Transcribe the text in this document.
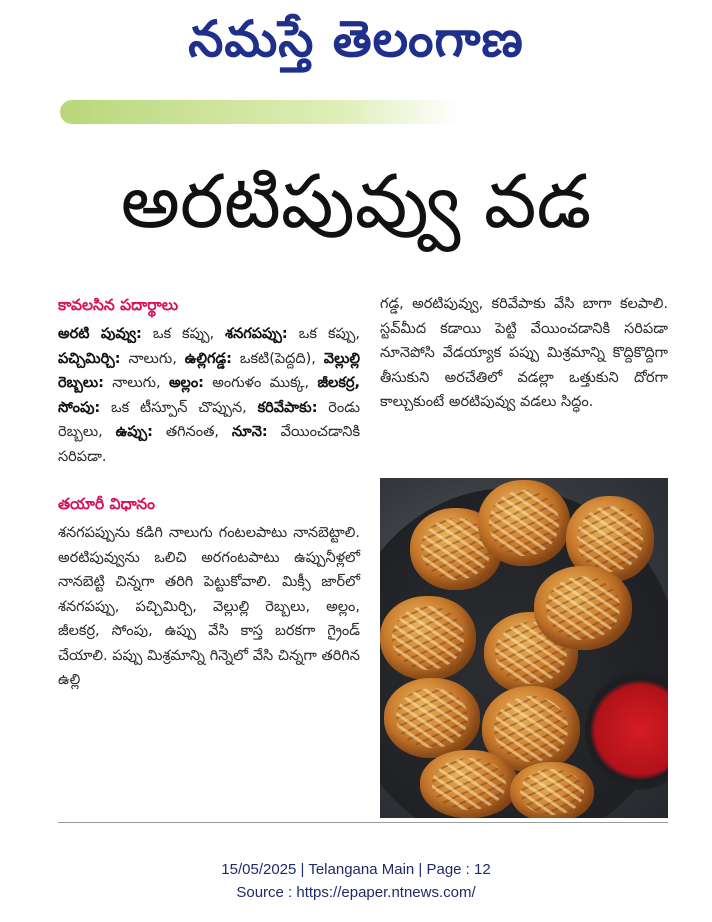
నమస్తే తెలంగాణ
అరటిపువ్వు వడ
కావలసిన పదార్థాలు

అరటి పువ్వు: ఒక కప్పు, శనగపప్పు: ఒక కప్పు, పచ్చిమిర్చి: నాలుగు, ఉల్లిగడ్డ: ఒకటి(పెద్దది), వెల్లుల్లి రెబ్బలు: నాలుగు, అల్లం: అంగుళం ముక్క, జీలకర్ర, సోంపు: ఒక టీస్పూన్ చొప్పున, కరివేపాకు: రెండు రెబ్బలు, ఉప్పు: తగినంత, నూనె: వేయించడానికి సరిపడా.

తయారీ విధానం

శనగపప్పును కడిగి నాలుగు గంటలపాటు నానబెట్టాలి. అరటిపువ్వును ఒలిచి అరగంటపాటు ఉప్పునీళ్లలో నానబెట్టి చిన్నగా తరిగి పెట్టుకోవాలి. మిక్సీ జార్‌లో శనగపప్పు, పచ్చిమిర్చి, వెల్లుల్లి రెబ్బలు, అల్లం, జీలకర్ర, సోంపు, ఉప్పు వేసి కాస్త బరకగా గ్రైండ్ చేయాలి. పప్పు మిశ్రమాన్ని గిన్నెలో వేసి చిన్నగా తరిగిన ఉల్లి

గడ్డ, అరటిపువ్వు, కరివేపాకు వేసి బాగా కలపాలి. స్టవ్‌మీద కడాయి పెట్టి వేయించడానికి సరిపడా నూనెపోసి వేడయ్యాక పప్పు మిశ్రమాన్ని కొద్దికొద్దిగా తీసుకుని అరచేతిలో వడల్లా ఒత్తుకుని దోరగా కాల్చుకుంటే అరటిపువ్వు వడలు సిద్ధం.

15/05/2025 | Telangana Main | Page : 12
Source : https://epaper.ntnews.com/
